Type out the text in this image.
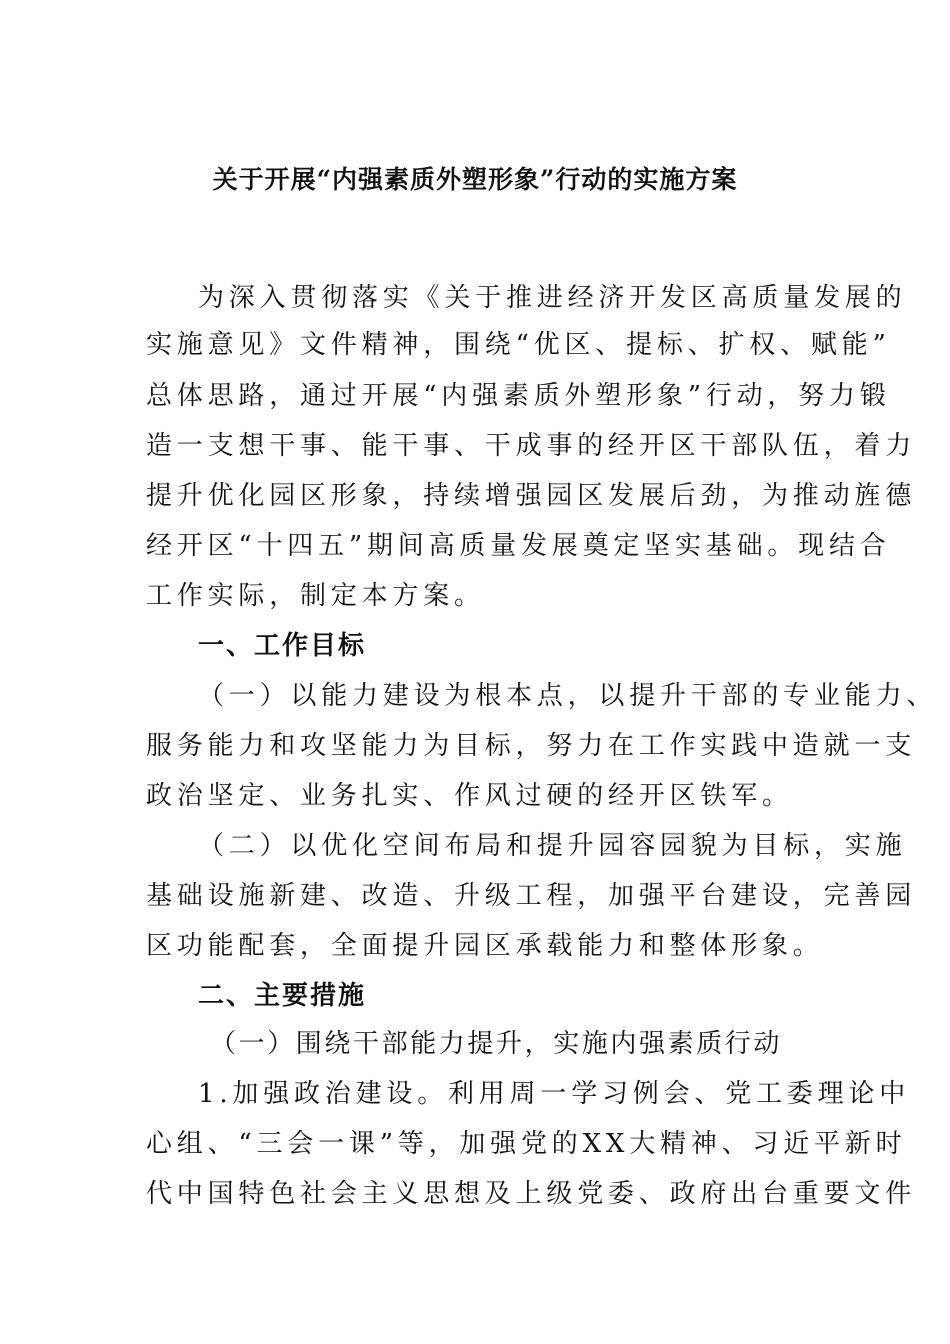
关于开展“内强素质外塑形象”行动的实施方案

为深入贯彻落实《关于推进经济开发区高质量发展的

实施意见》文件精神，围绕“优区、提标、扩权、赋能”

总体思路，通过开展“内强素质外塑形象”行动，努力锻

造一支想干事、能干事、干成事的经开区干部队伍，着力

提升优化园区形象，持续增强园区发展后劲，为推动旌德

经开区“十四五”期间高质量发展奠定坚实基础。现结合

工作实际，制定本方案。

一、工作目标

（一）以能力建设为根本点，以提升干部的专业能力、

服务能力和攻坚能力为目标，努力在工作实践中造就一支

政治坚定、业务扎实、作风过硬的经开区铁军。

（二）以优化空间布局和提升园容园貌为目标，实施

基础设施新建、改造、升级工程，加强平台建设，完善园

区功能配套，全面提升园区承载能力和整体形象。

二、主要措施

（一）围绕干部能力提升，实施内强素质行动

1.加强政治建设。利用周一学习例会、党工委理论中

心组、“三会一课”等，加强党的XX大精神、习近平新时

代中国特色社会主义思想及上级党委、政府出台重要文件
